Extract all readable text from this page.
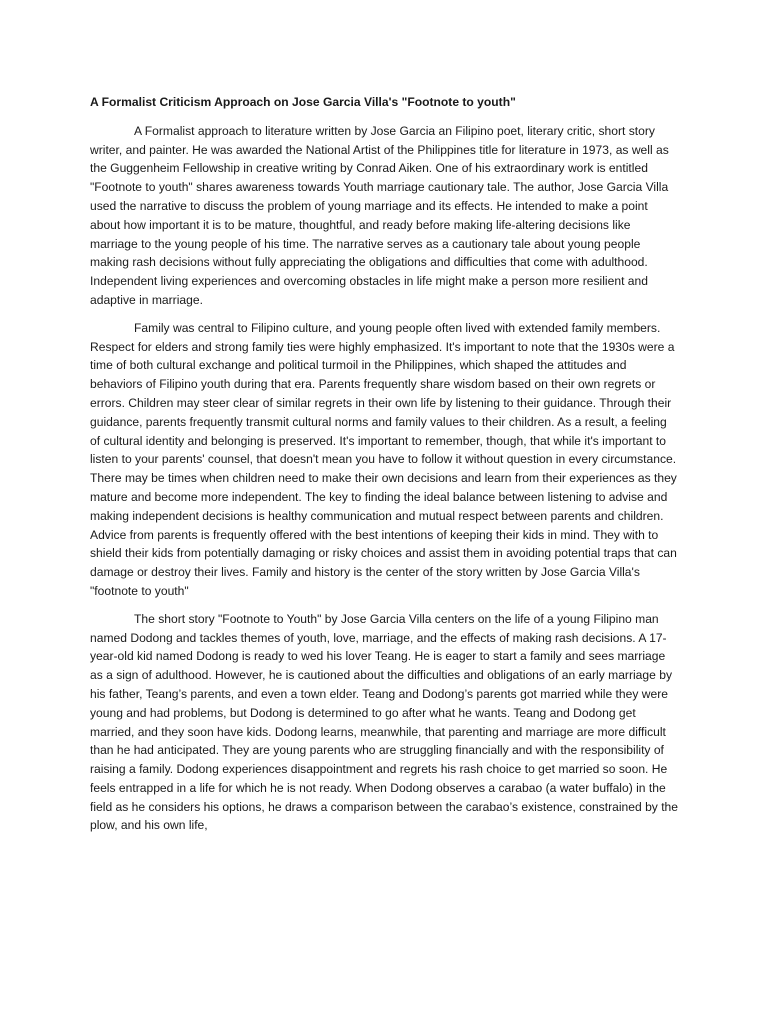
A Formalist Criticism Approach on Jose Garcia Villa's "Footnote to youth"

A Formalist approach to literature written by Jose Garcia an Filipino poet, literary critic, short story writer, and painter. He was awarded the National Artist of the Philippines title for literature in 1973, as well as the Guggenheim Fellowship in creative writing by Conrad Aiken. One of his extraordinary work is entitled "Footnote to youth" shares awareness towards Youth marriage cautionary tale. The author, Jose Garcia Villa used the narrative to discuss the problem of young marriage and its effects. He intended to make a point about how important it is to be mature, thoughtful, and ready before making life-altering decisions like marriage to the young people of his time. The narrative serves as a cautionary tale about young people making rash decisions without fully appreciating the obligations and difficulties that come with adulthood. Independent living experiences and overcoming obstacles in life might make a person more resilient and adaptive in marriage.

Family was central to Filipino culture, and young people often lived with extended family members. Respect for elders and strong family ties were highly emphasized. It's important to note that the 1930s were a time of both cultural exchange and political turmoil in the Philippines, which shaped the attitudes and behaviors of Filipino youth during that era. Parents frequently share wisdom based on their own regrets or errors. Children may steer clear of similar regrets in their own life by listening to their guidance. Through their guidance, parents frequently transmit cultural norms and family values to their children. As a result, a feeling of cultural identity and belonging is preserved. It's important to remember, though, that while it's important to listen to your parents' counsel, that doesn't mean you have to follow it without question in every circumstance. There may be times when children need to make their own decisions and learn from their experiences as they mature and become more independent. The key to finding the ideal balance between listening to advise and making independent decisions is healthy communication and mutual respect between parents and children. Advice from parents is frequently offered with the best intentions of keeping their kids in mind. They with to shield their kids from potentially damaging or risky choices and assist them in avoiding potential traps that can damage or destroy their lives. Family and history is the center of the story written by Jose Garcia Villa's "footnote to youth"

The short story "Footnote to Youth" by Jose Garcia Villa centers on the life of a young Filipino man named Dodong and tackles themes of youth, love, marriage, and the effects of making rash decisions. A 17-year-old kid named Dodong is ready to wed his lover Teang. He is eager to start a family and sees marriage as a sign of adulthood. However, he is cautioned about the difficulties and obligations of an early marriage by his father, Teang’s parents, and even a town elder. Teang and Dodong’s parents got married while they were young and had problems, but Dodong is determined to go after what he wants. Teang and Dodong get married, and they soon have kids. Dodong learns, meanwhile, that parenting and marriage are more difficult than he had anticipated. They are young parents who are struggling financially and with the responsibility of raising a family. Dodong experiences disappointment and regrets his rash choice to get married so soon. He feels entrapped in a life for which he is not ready. When Dodong observes a carabao (a water buffalo) in the field as he considers his options, he draws a comparison between the carabao’s existence, constrained by the plow, and his own life,
